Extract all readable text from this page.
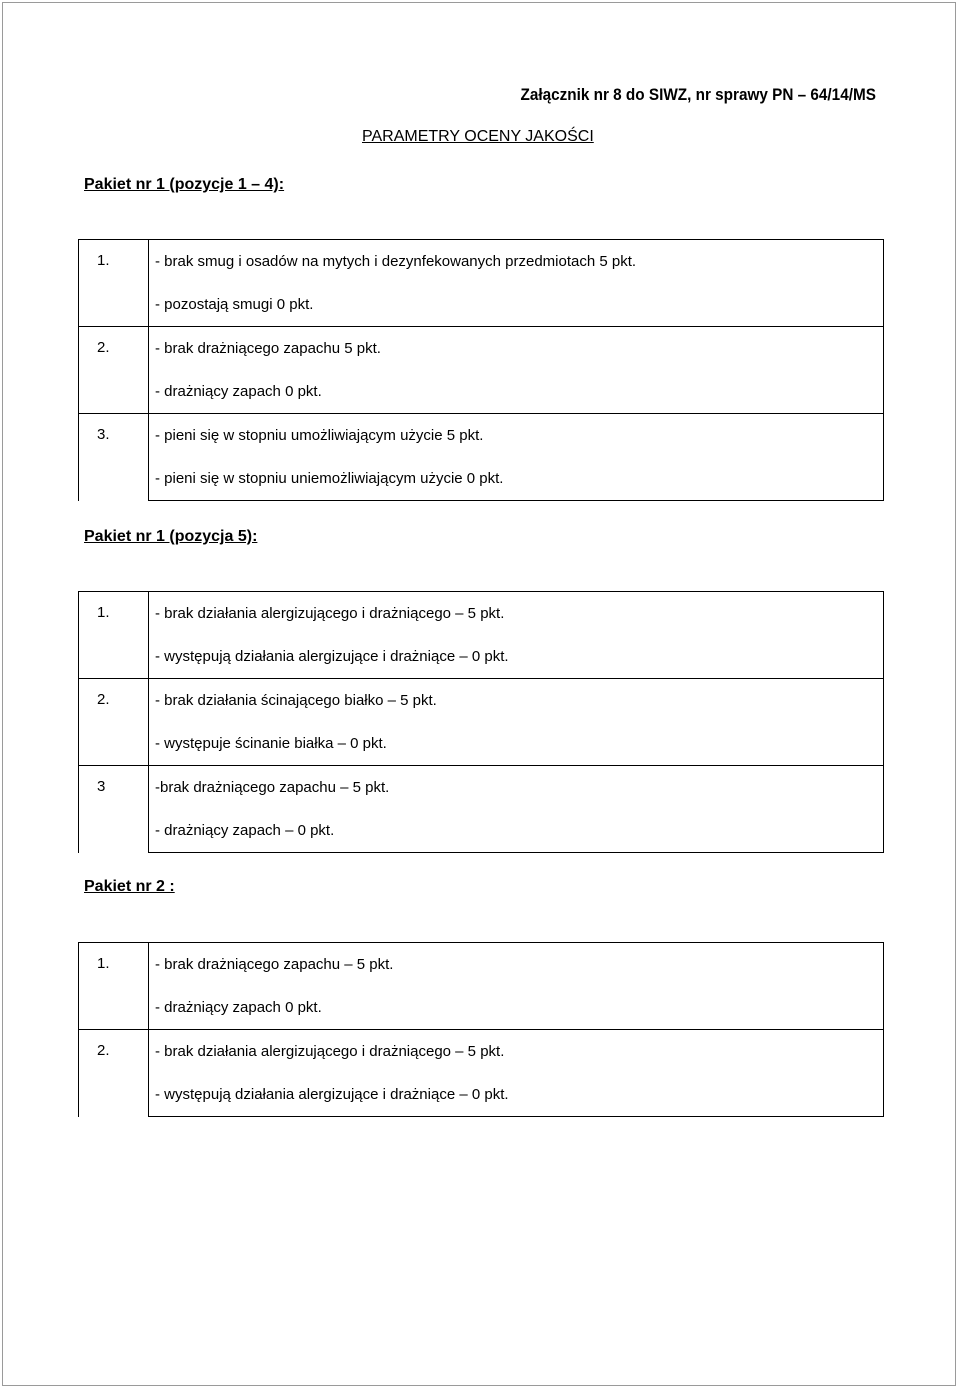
Załącznik nr 8 do SIWZ, nr sprawy PN – 64/14/MS
PARAMETRY OCENY JAKOŚCI
Pakiet nr 1 (pozycje 1 – 4):
1.	- brak smug i osadów na mytych i dezynfekowanych przedmiotach 5 pkt.
	- pozostają smugi 0 pkt.
2.	- brak drażniącego zapachu 5 pkt.
	- drażniący zapach 0 pkt.
3.	- pieni się w stopniu umożliwiającym użycie 5 pkt.
	- pieni się w stopniu uniemożliwiającym użycie 0 pkt.
Pakiet nr 1 (pozycja 5):
1.	- brak działania alergizującego i drażniącego – 5 pkt.
	- występują działania alergizujące i drażniące – 0 pkt.
2.	- brak działania ścinającego białko – 5 pkt.
	- występuje ścinanie białka – 0 pkt.
3	-brak drażniącego zapachu – 5 pkt.
	- drażniący zapach – 0 pkt.
Pakiet nr 2 :
1.	- brak drażniącego zapachu – 5 pkt.
	- drażniący zapach 0 pkt.
2.	- brak działania alergizującego i drażniącego – 5 pkt.
	- występują działania alergizujące i drażniące – 0 pkt.
